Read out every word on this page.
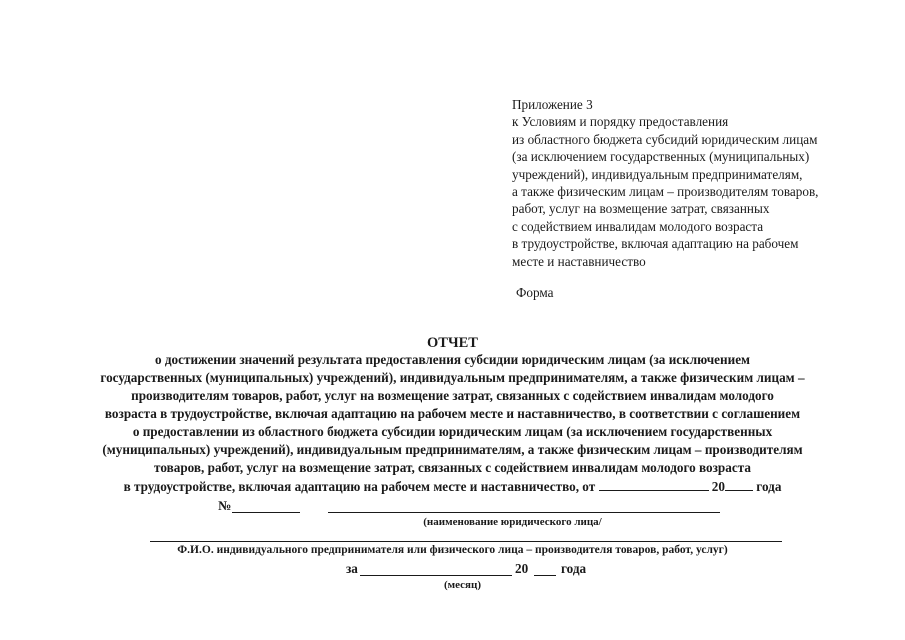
Приложение 3
к Условиям и порядку предоставления
из областного бюджета субсидий юридическим лицам
(за исключением государственных (муниципальных)
учреждений), индивидуальным предпринимателям,
а также физическим лицам – производителям товаров,
работ, услуг на возмещение затрат, связанных
с содействием инвалидам молодого возраста
в трудоустройстве, включая адаптацию на рабочем
месте и наставничество
Форма
ОТЧЕТ
о достижении значений результата предоставления субсидии юридическим лицам (за исключением
государственных (муниципальных) учреждений), индивидуальным предпринимателям, а также физическим лицам –
производителям товаров, работ, услуг на возмещение затрат, связанных с содействием инвалидам молодого
возраста в трудоустройстве, включая адаптацию на рабочем месте и наставничество, в соответствии с соглашением
о предоставлении из областного бюджета субсидии юридическим лицам (за исключением государственных
(муниципальных) учреждений), индивидуальным предпринимателям, а также физическим лицам – производителям
товаров, работ, услуг на возмещение затрат, связанных с содействием инвалидам молодого возраста
в трудоустройстве, включая адаптацию на рабочем месте и наставничество, от	20 года
№
(наименование юридического лица/
Ф.И.О. индивидуального предпринимателя или физического лица – производителя товаров, работ, услуг)
за	20 года
(месяц)
